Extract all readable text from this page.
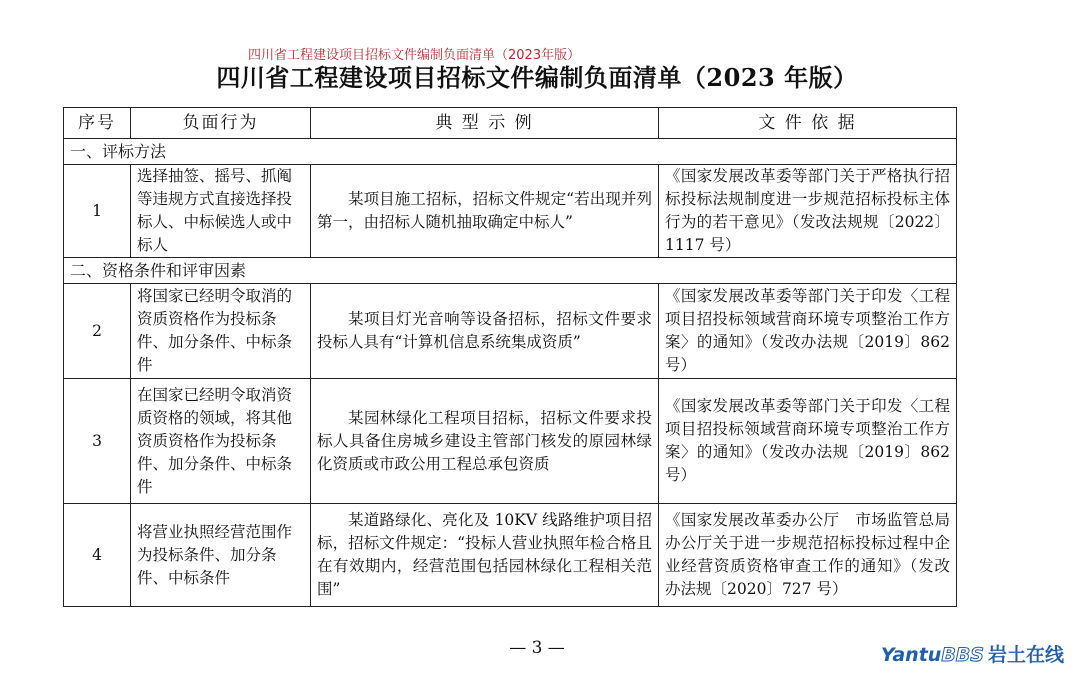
四川省工程建设项目招标文件编制负面清单（2023年版）
四川省工程建设项目招标文件编制负面清单（2023 年版）
序号	负面行为	典 型 示 例	文 件 依 据
一、评标方法			
1	选择抽签、摇号、抓阄等违规方式直接选择投标人、中标候选人或中标人	某项目施工招标，招标文件规定“若出现并列第一，由招标人随机抽取确定中标人”	《国家发展改革委等部门关于严格执行招标投标法规制度进一步规范招标投标主体行为的若干意见》（发改法规规〔2022〕1117 号）
二、资格条件和评审因素			
2	将国家已经明令取消的资质资格作为投标条件、加分条件、中标条件	某项目灯光音响等设备招标，招标文件要求投标人具有“计算机信息系统集成资质”	《国家发展改革委等部门关于印发〈工程项目招投标领域营商环境专项整治工作方案〉的通知》（发改办法规〔2019〕862 号）
3	在国家已经明令取消资质资格的领域，将其他资质资格作为投标条件、加分条件、中标条件	某园林绿化工程项目招标，招标文件要求投标人具备住房城乡建设主管部门核发的原园林绿化资质或市政公用工程总承包资质	《国家发展改革委等部门关于印发〈工程项目招投标领域营商环境专项整治工作方案〉的通知》（发改办法规〔2019〕862 号）
4	将营业执照经营范围作为投标条件、加分条件、中标条件	某道路绿化、亮化及 10KV 线路维护项目招标，招标文件规定：“投标人营业执照年检合格且在有效期内，经营范围包括园林绿化工程相关范围”	《国家发展改革委办公厅　市场监管总局办公厅关于进一步规范招标投标过程中企业经营资质资格审查工作的通知》（发改办法规〔2020〕727 号）
— 3 —	YantuBBS 岩土在线
